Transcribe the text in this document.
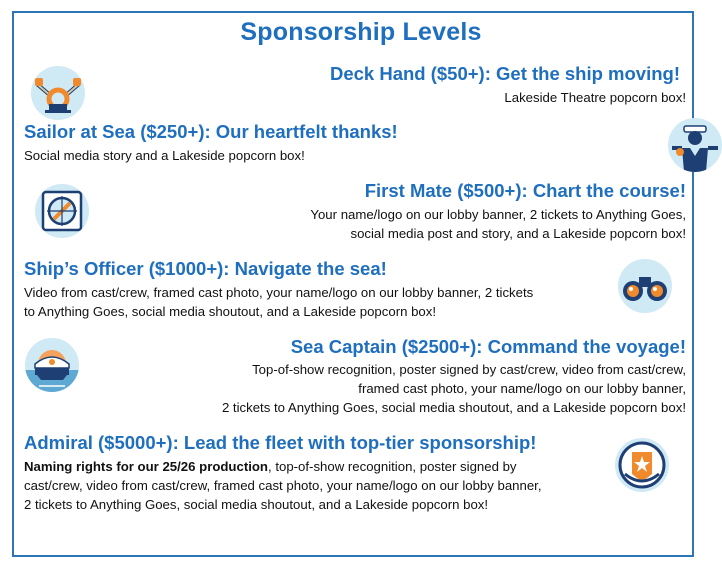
Sponsorship Levels

Deck Hand ($50+): Get the ship moving!

Lakeside Theatre popcorn box!

Sailor at Sea ($250+): Our heartfelt thanks!

Social media story and a Lakeside popcorn box!

First Mate ($500+): Chart the course!

Your name/logo on our lobby banner, 2 tickets to Anything Goes,
social media post and story, and a Lakeside popcorn box!

Ship’s Officer ($1000+): Navigate the sea!

Video from cast/crew, framed cast photo, your name/logo on our lobby banner, 2 tickets
to Anything Goes, social media shoutout, and a Lakeside popcorn box!

Sea Captain ($2500+): Command the voyage!

Top-of-show recognition, poster signed by cast/crew, video from cast/crew,
framed cast photo, your name/logo on our lobby banner,
2 tickets to Anything Goes, social media shoutout, and a Lakeside popcorn box!

Admiral ($5000+): Lead the fleet with top-tier sponsorship!

Naming rights for our 25/26 production, top-of-show recognition, poster signed by
cast/crew, video from cast/crew, framed cast photo, your name/logo on our lobby banner,
2 tickets to Anything Goes, social media shoutout, and a Lakeside popcorn box!
